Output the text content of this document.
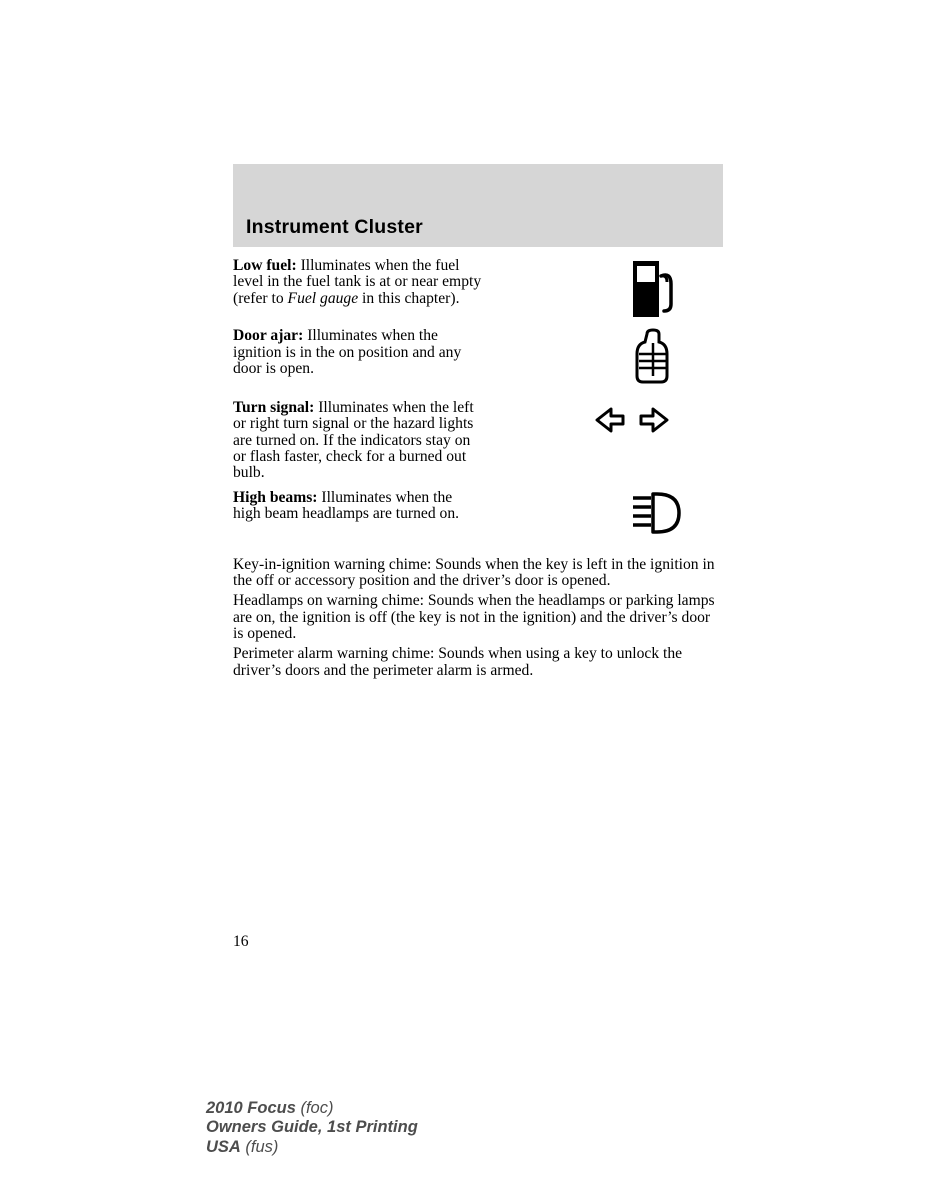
Instrument Cluster

Low fuel: Illuminates when the fuel level in the fuel tank is at or near empty (refer to Fuel gauge in this chapter).

Door ajar: Illuminates when the ignition is in the on position and any door is open.

Turn signal: Illuminates when the left or right turn signal or the hazard lights are turned on. If the indicators stay on or flash faster, check for a burned out bulb.

High beams: Illuminates when the high beam headlamps are turned on.

Key-in-ignition warning chime: Sounds when the key is left in the ignition in the off or accessory position and the driver’s door is opened.

Headlamps on warning chime: Sounds when the headlamps or parking lamps are on, the ignition is off (the key is not in the ignition) and the driver’s door is opened.

Perimeter alarm warning chime: Sounds when using a key to unlock the driver’s doors and the perimeter alarm is armed.

16
2010 Focus (foc)
Owners Guide, 1st Printing
USA (fus)
